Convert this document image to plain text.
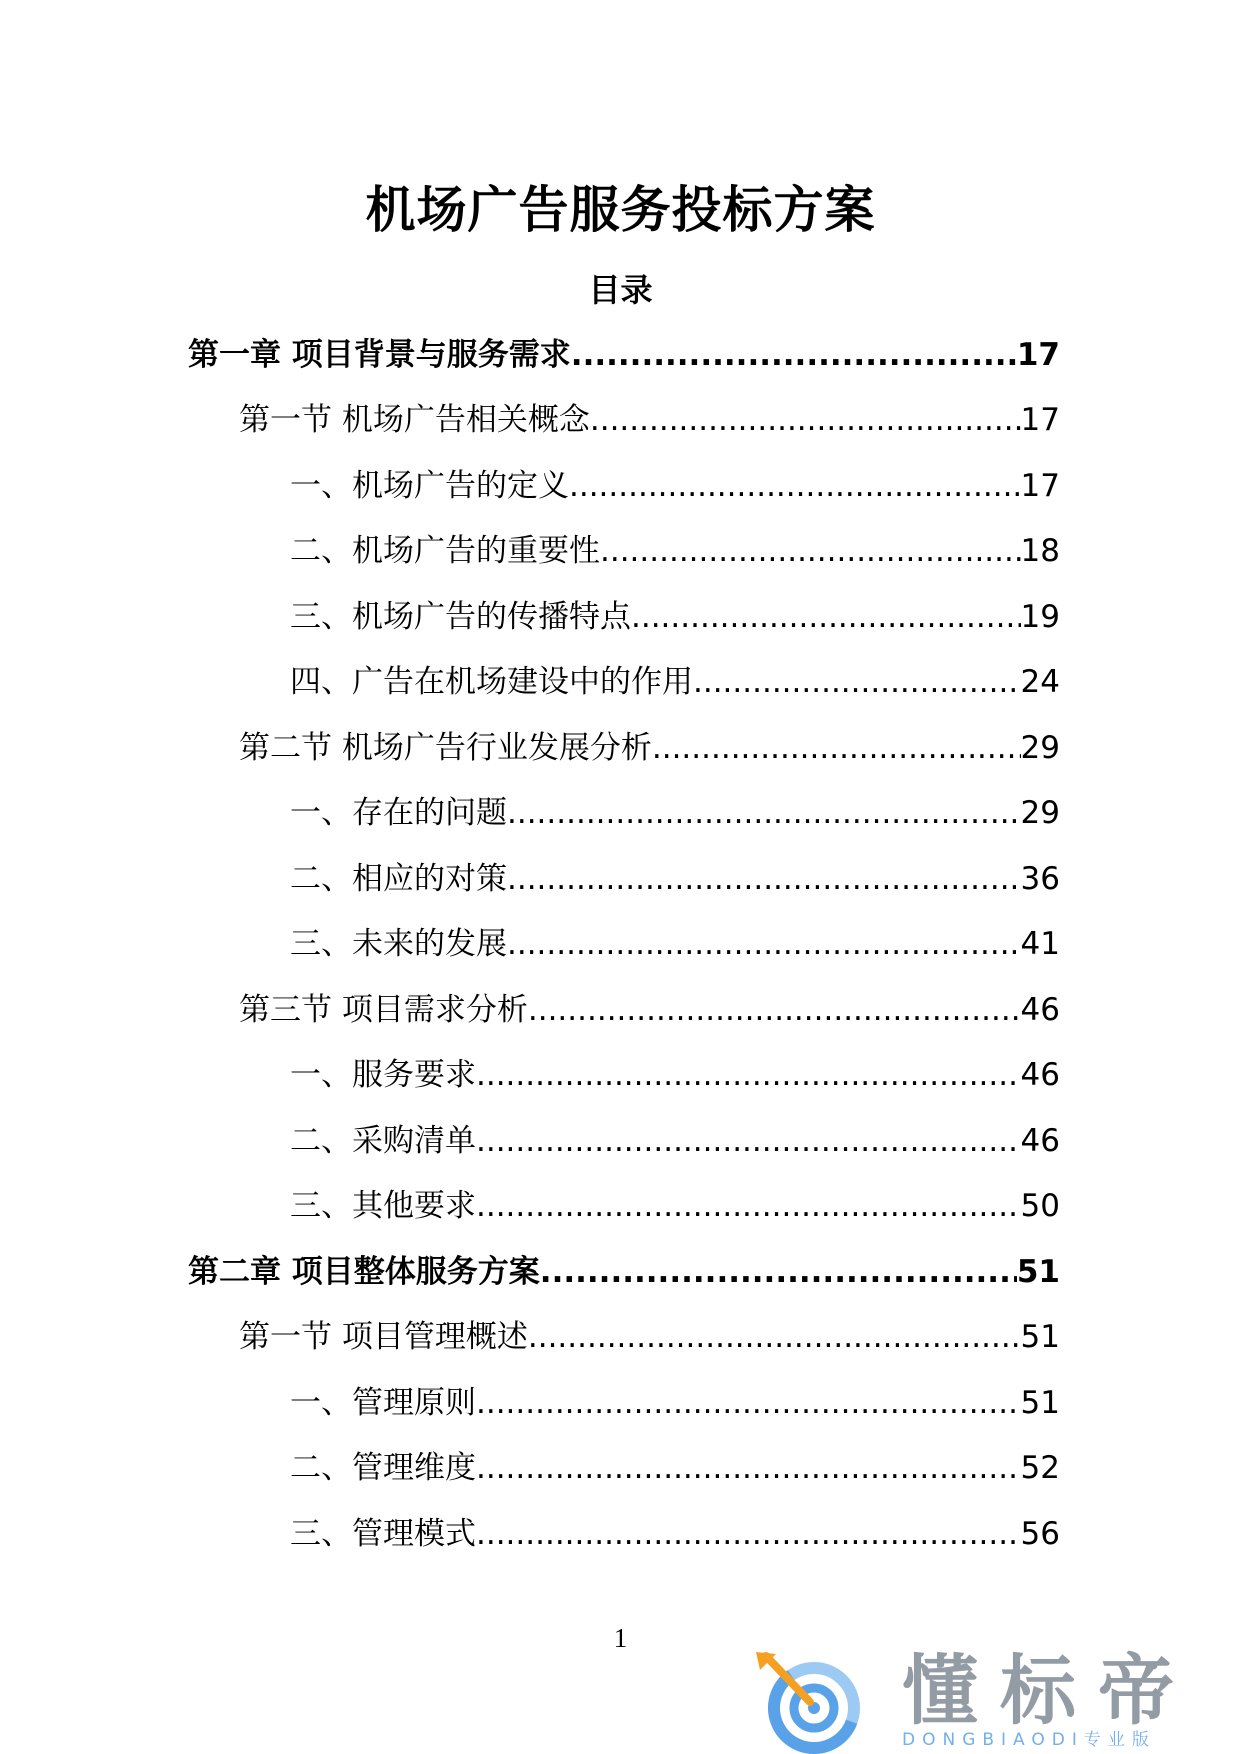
机场广告服务投标方案
目录
第一章 项目背景与服务需求 .....	17
第一节 机场广告相关概念 .....	17
一、机场广告的定义 .....	17
二、机场广告的重要性 .....	18
三、机场广告的传播特点 .....	19
四、广告在机场建设中的作用 .....	24
第二节 机场广告行业发展分析 .....	29
一、存在的问题 .....	29
二、相应的对策 .....	36
三、未来的发展 .....	41
第三节 项目需求分析 .....	46
一、服务要求 .....	46
二、采购清单 .....	46
三、其他要求 .....	50
第二章 项目整体服务方案 .....	51
第一节 项目管理概述 .....	51
一、管理原则 .....	51
二、管理维度 .....	52
三、管理模式 .....	56
1
懂标帝
DONGBIAODI专业版
